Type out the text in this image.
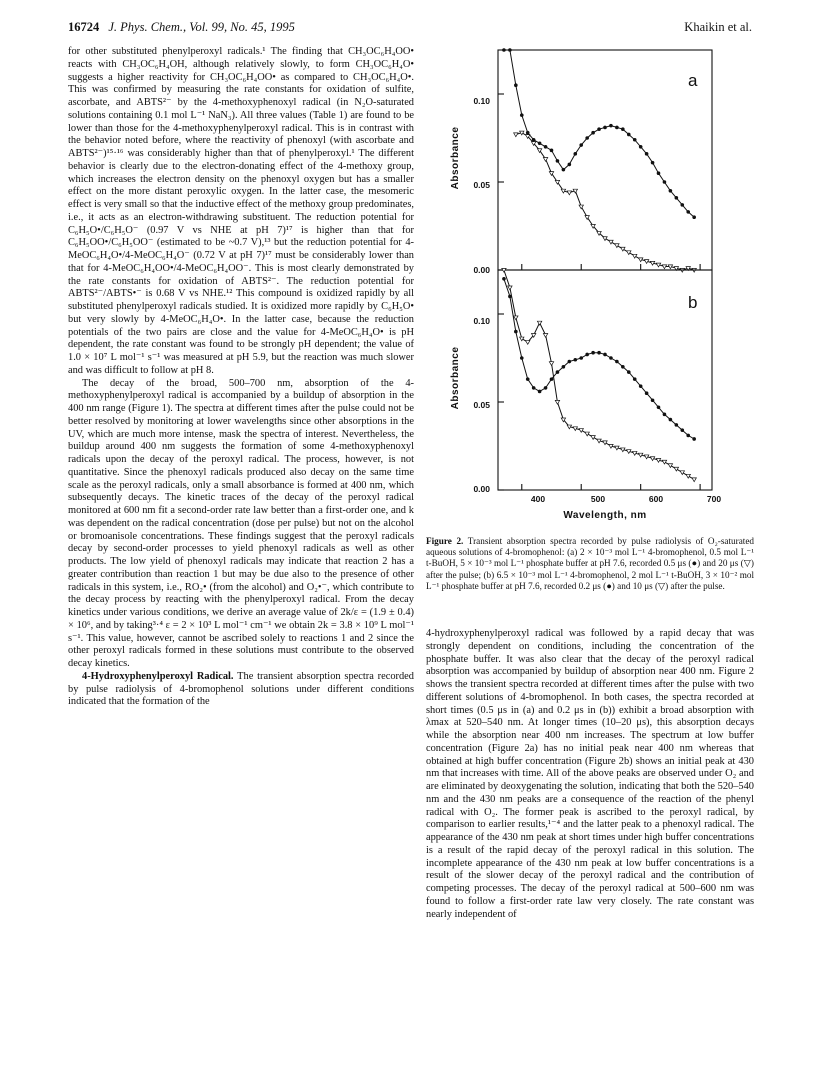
16724 J. Phys. Chem., Vol. 99, No. 45, 1995	Khaikin et al.

for other substituted phenylperoxyl radicals.¹ The finding that CH₃OC₆H₄OO• reacts with CH₃OC₆H₄OH, although relatively slowly, to form CH₃OC₆H₄O• suggests a higher reactivity for CH₃OC₆H₄OO• as compared to CH₃OC₆H₄O•. This was confirmed by measuring the rate constants for oxidation of sulfite, ascorbate, and ABTS²⁻ by the 4-methoxyphenoxyl radical (in N₂O-saturated solutions containing 0.1 mol L⁻¹ NaN₃). All three values (Table 1) are found to be lower than those for the 4-methoxyphenylperoxyl radical. This is in contrast with the behavior noted before, where the reactivity of phenoxyl (with ascorbate and ABTS²⁻)¹⁵·¹⁶ was considerably higher than that of phenylperoxyl.¹ The different behavior is clearly due to the electron-donating effect of the 4-methoxy group, which increases the electron density on the phenoxyl oxygen but has a smaller effect on the more distant peroxylic oxygen. In the latter case, the mesomeric effect is very small so that the inductive effect of the methoxy group predominates, i.e., it acts as an electron-withdrawing substituent. The reduction potential for C₆H₅O•/C₆H₅O⁻ (0.97 V vs NHE at pH 7)¹⁷ is higher than that for C₆H₅OO•/C₆H₅OO⁻ (estimated to be ~0.7 V),¹³ but the reduction potential for 4-MeOC₆H₄O•/4-MeOC₆H₄O⁻ (0.72 V at pH 7)¹⁷ must be considerably lower than that for 4-MeOC₆H₄OO•/4-MeOC₆H₄OO⁻. This is most clearly demonstrated by the rate constants for oxidation of ABTS²⁻. The reduction potential for ABTS²⁻/ABTS•⁻ is 0.68 V vs NHE.¹² This compound is oxidized rapidly by all substituted phenylperoxyl radicals studied. It is oxidized more rapidly by C₆H₅O• but very slowly by 4-MeOC₆H₄O•. In the latter case, because the reduction potentials of the two pairs are close and the value for 4-MeOC₆H₄O• is pH dependent, the rate constant was found to be strongly pH dependent; the value of 1.0 × 10⁷ L mol⁻¹ s⁻¹ was measured at pH 5.9, but the reaction was much slower and was difficult to follow at pH 8.

The decay of the broad, 500–700 nm, absorption of the 4-methoxyphenylperoxyl radical is accompanied by a buildup of absorption in the 400 nm range (Figure 1). The spectra at different times after the pulse could not be better resolved by monitoring at lower wavelengths since other absorptions in the UV, which are much more intense, mask the spectra of interest. Nevertheless, the buildup around 400 nm suggests the formation of some 4-methoxyphenoxyl radicals upon the decay of the peroxyl radical. The process, however, is not quantitative. Since the phenoxyl radicals produced also decay on the same time scale as the peroxyl radicals, only a small absorbance is formed at 400 nm, which subsequently decays. The kinetic traces of the decay of the peroxyl radical monitored at 600 nm fit a second-order rate law better than a first-order one, and k was dependent on the radical concentration (dose per pulse) but not on the alcohol or bromoanisole concentrations. These findings suggest that the peroxyl radicals decay by second-order processes to yield phenoxyl radicals as well as other products. The low yield of phenoxyl radicals may indicate that reaction 2 has a greater contribution than reaction 1 but may be due also to the presence of other radicals in this system, i.e., RO₂• (from the alcohol) and O₂•⁻, which contribute to the decay process by reacting with the phenylperoxyl radical. From the decay kinetics under various conditions, we derive an average value of 2k/ε = (1.9 ± 0.4) × 10⁶, and by taking³·⁴ ε = 2 × 10³ L mol⁻¹ cm⁻¹ we obtain 2k = 3.8 × 10⁹ L mol⁻¹ s⁻¹. This value, however, cannot be ascribed solely to reactions 1 and 2 since the other peroxyl radicals formed in these solutions must contribute to the observed decay kinetics.

4-Hydroxyphenylperoxyl Radical. The transient absorption spectra recorded by pulse radiolysis of 4-bromophenol solutions under different conditions indicated that the formation of the

a
0.10
0.05
0.00
Absorbance
b
0.10
0.05
0.00
Absorbance
400	500	600	700
Wavelength, nm
Figure 2. Transient absorption spectra recorded by pulse radiolysis of O₂-saturated aqueous solutions of 4-bromophenol: (a) 2 × 10⁻³ mol L⁻¹ 4-bromophenol, 0.5 mol L⁻¹ t-BuOH, 5 × 10⁻³ mol L⁻¹ phosphate buffer at pH 7.6, recorded 0.5 μs (●) and 20 μs (▽) after the pulse; (b) 6.5 × 10⁻³ mol L⁻¹ 4-bromophenol, 2 mol L⁻¹ t-BuOH, 3 × 10⁻² mol L⁻¹ phosphate buffer at pH 7.6, recorded 0.2 μs (●) and 10 μs (▽) after the pulse.

4-hydroxyphenylperoxyl radical was followed by a rapid decay that was strongly dependent on conditions, including the concentration of the phosphate buffer. It was also clear that the decay of the peroxyl radical absorption was accompanied by buildup of absorption near 400 nm. Figure 2 shows the transient spectra recorded at different times after the pulse with two different solutions of 4-bromophenol. In both cases, the spectra recorded at short times (0.5 μs in (a) and 0.2 μs in (b)) exhibit a broad absorption with λmax at 520–540 nm. At longer times (10–20 μs), this absorption decays while the absorption near 400 nm increases. The spectrum at low buffer concentration (Figure 2a) has no initial peak near 400 nm whereas that obtained at high buffer concentration (Figure 2b) shows an initial peak at 430 nm that increases with time. All of the above peaks are observed under O₂ and are eliminated by deoxygenating the solution, indicating that both the 520–540 nm and the 430 nm peaks are a consequence of the reaction of the phenyl radical with O₂. The former peak is ascribed to the peroxyl radical, by comparison to earlier results,¹⁻⁴ and the latter peak to a phenoxyl radical. The appearance of the 430 nm peak at short times under high buffer concentrations is a result of the rapid decay of the peroxyl radical in this solution. The incomplete appearance of the 430 nm peak at low buffer concentrations is a result of the slower decay of the peroxyl radical and the contribution of competing processes. The decay of the peroxyl radical at 500–600 nm was found to follow a first-order rate law very closely. The rate constant was nearly independent of
